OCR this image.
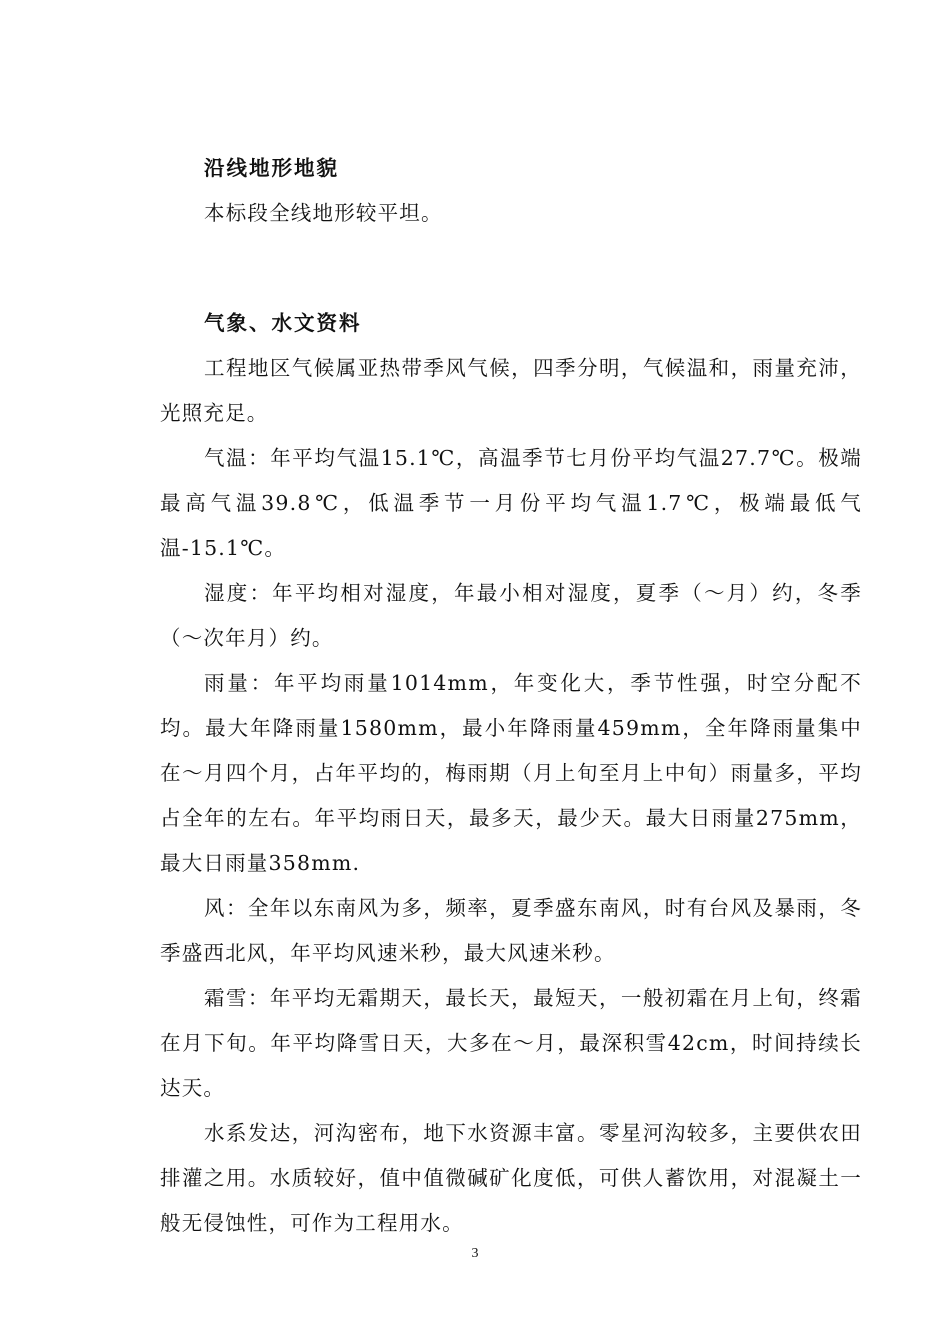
沿线地形地貌

本标段全线地形较平坦。

气象、水文资料

工程地区气候属亚热带季风气候，四季分明，气候温和，雨量充沛，光照充足。

气温：年平均气温15.1℃，高温季节七月份平均气温27.7℃。极端最高气温39.8℃，低温季节一月份平均气温1.7℃，极端最低气温-15.1℃。

湿度：年平均相对湿度，年最小相对湿度，夏季（～月）约，冬季（～次年月）约。

雨量：年平均雨量1014mm，年变化大，季节性强，时空分配不均。最大年降雨量1580mm，最小年降雨量459mm，全年降雨量集中在～月四个月，占年平均的，梅雨期（月上旬至月上中旬）雨量多，平均占全年的左右。年平均雨日天，最多天，最少天。最大日雨量275mm，最大日雨量358mm.

风：全年以东南风为多，频率，夏季盛东南风，时有台风及暴雨，冬季盛西北风，年平均风速米秒，最大风速米秒。

霜雪：年平均无霜期天，最长天，最短天，一般初霜在月上旬，终霜在月下旬。年平均降雪日天，大多在～月，最深积雪42cm，时间持续长达天。

水系发达，河沟密布，地下水资源丰富。零星河沟较多，主要供农田排灌之用。水质较好，值中值微碱矿化度低，可供人蓄饮用，对混凝土一般无侵蚀性，可作为工程用水。

3
